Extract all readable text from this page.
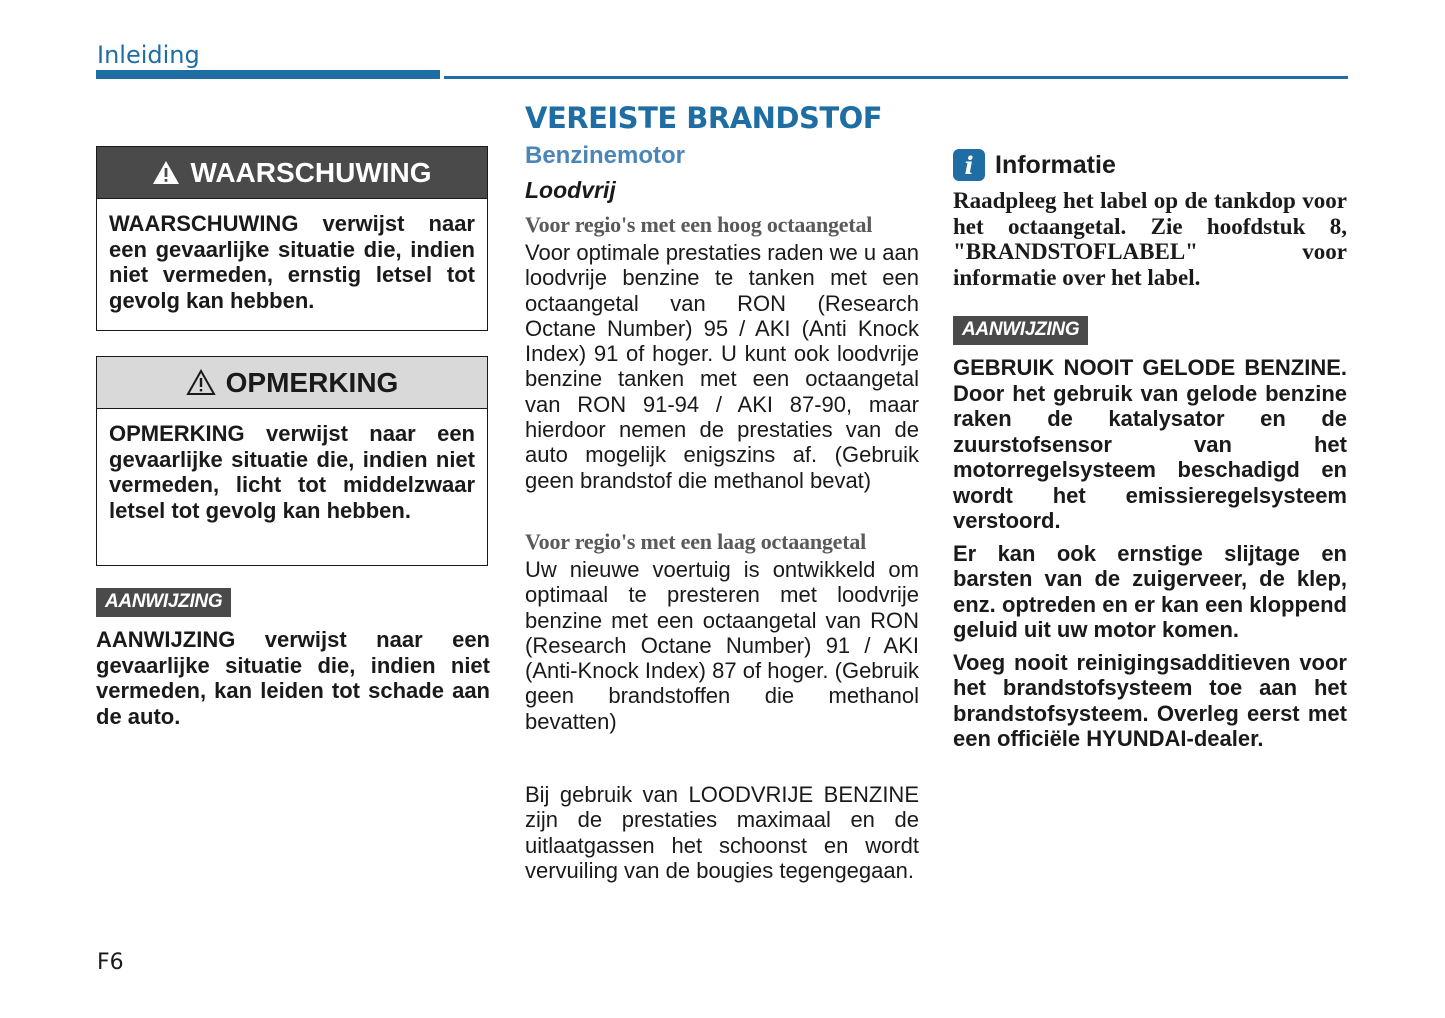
Inleiding
WAARSCHUWING
WAARSCHUWING verwijst naar een gevaarlijke situatie die, indien niet vermeden, ernstig letsel tot gevolg kan hebben.
OPMERKING
OPMERKING verwijst naar een gevaarlijke situatie die, indien niet vermeden, licht tot middelzwaar letsel tot gevolg kan hebben.
AANWIJZING

AANWIJZING verwijst naar een gevaarlijke situatie die, indien niet vermeden, kan leiden tot schade aan de auto.

VEREISTE BRANDSTOF
Benzinemotor
Loodvrij
Voor regio's met een hoog octaangetal

Voor optimale prestaties raden we u aan loodvrije benzine te tanken met een octaangetal van RON (Research Octane Number) 95 / AKI (Anti Knock Index) 91 of hoger. U kunt ook loodvrije benzine tanken met een octaangetal van RON 91-94 / AKI 87-90, maar hierdoor nemen de prestaties van de auto mogelijk enigszins af. (Gebruik geen brandstof die methanol bevat)

Voor regio's met een laag octaangetal

Uw nieuwe voertuig is ontwikkeld om optimaal te presteren met loodvrije benzine met een octaangetal van RON (Research Octane Number) 91 / AKI (Anti-Knock Index) 87 of hoger. (Gebruik geen brandstoffen die methanol bevatten)

Bij gebruik van LOODVRIJE BENZINE zijn de prestaties maximaal en de uitlaatgassen het schoonst en wordt vervuiling van de bougies tegengegaan.

i Informatie

Raadpleeg het label op de tankdop voor het octaangetal. Zie hoofdstuk 8, "BRANDSTOFLABEL" voor informatie over het label.

AANWIJZING

GEBRUIK NOOIT GELODE BENZINE. Door het gebruik van gelode benzine raken de katalysator en de zuurstofsensor van het motorregelsysteem beschadigd en wordt het emissieregelsysteem verstoord.

Er kan ook ernstige slijtage en barsten van de zuigerveer, de klep, enz. optreden en er kan een kloppend geluid uit uw motor komen.

Voeg nooit reinigingsadditieven voor het brandstofsysteem toe aan het brandstofsysteem. Overleg eerst met een officiële HYUNDAI-dealer.

F6
